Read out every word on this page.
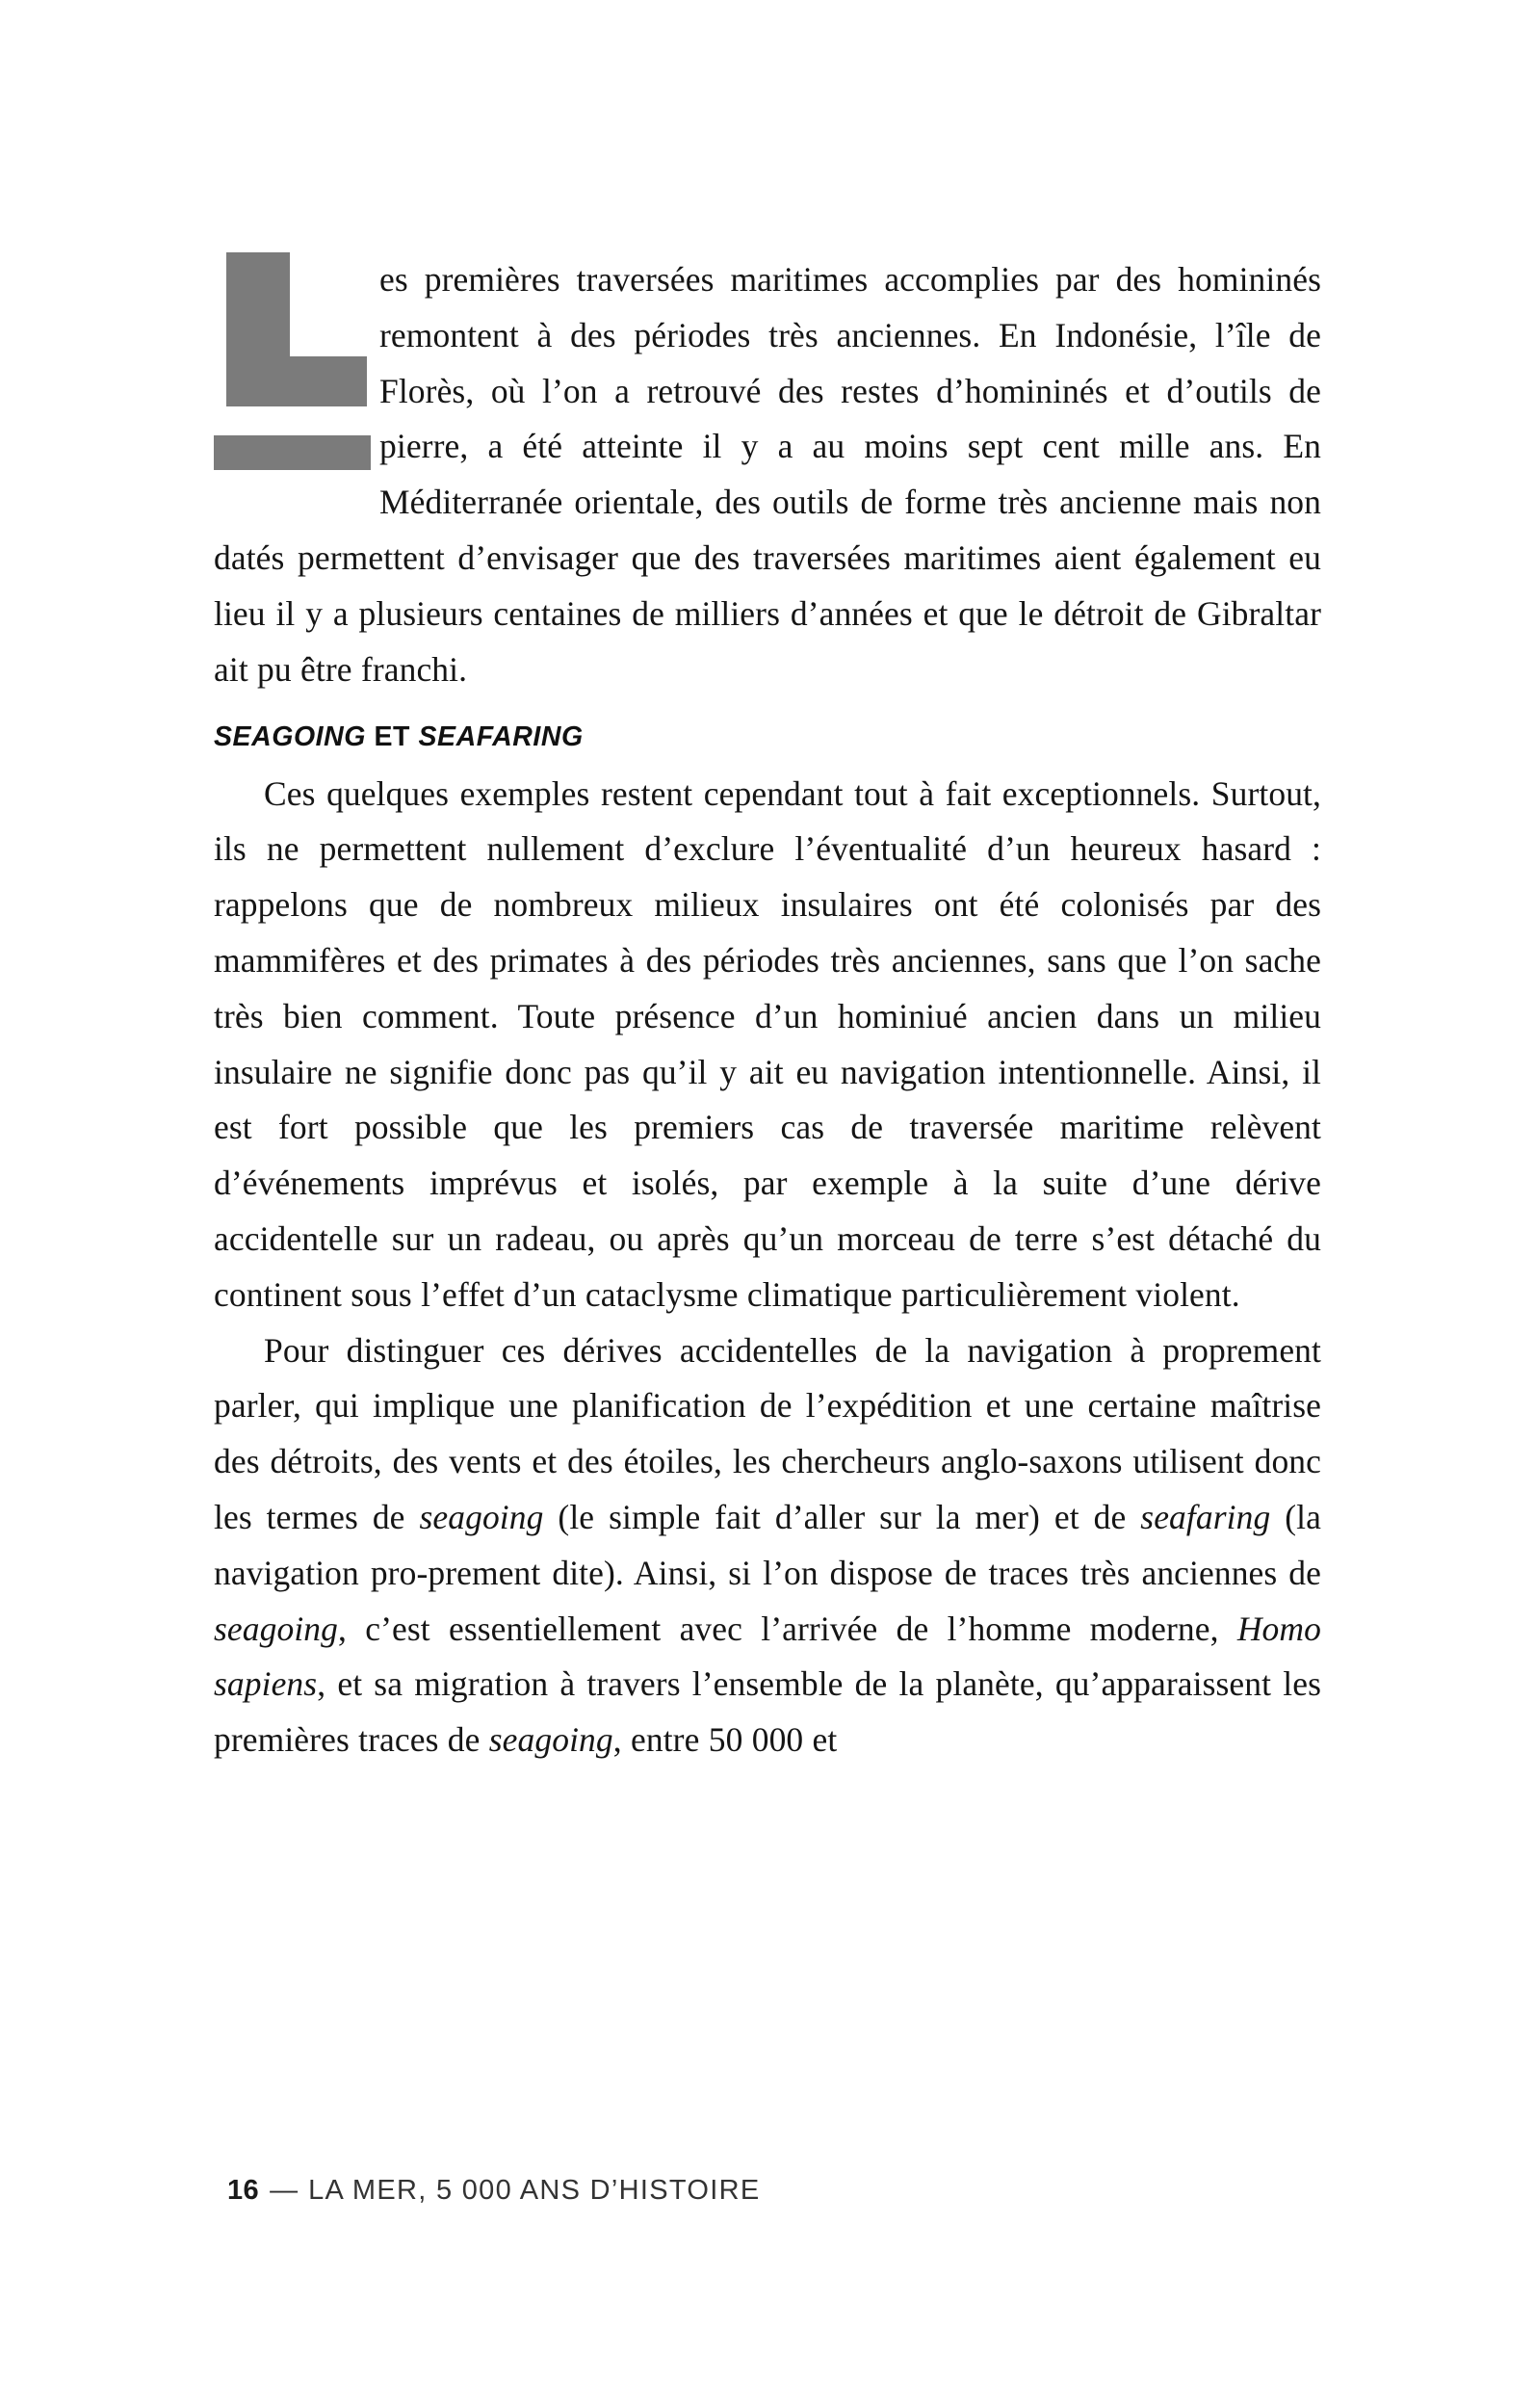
es premières traversées maritimes accomplies par des homininés remontent à des périodes très anciennes. En Indonésie, l’île de Florès, où l’on a retrouvé des restes d’homininés et d’outils de pierre, a été atteinte il y a au moins sept cent mille ans. En Méditerranée orientale, des outils de forme très ancienne mais non datés permettent d’envisager que des traversées maritimes aient également eu lieu il y a plusieurs centaines de milliers d’années et que le détroit de Gibraltar ait pu être franchi.

SEAGOING ET SEAFARING

Ces quelques exemples restent cependant tout à fait exceptionnels. Surtout, ils ne permettent nullement d’exclure l’éventualité d’un heureux hasard : rappelons que de nombreux milieux insulaires ont été colonisés par des mammifères et des primates à des périodes très anciennes, sans que l’on sache très bien comment. Toute présence d’un hominiué ancien dans un milieu insulaire ne signifie donc pas qu’il y ait eu navigation intentionnelle. Ainsi, il est fort possible que les premiers cas de traversée maritime relèvent d’événements imprévus et isolés, par exemple à la suite d’une dérive accidentelle sur un radeau, ou après qu’un morceau de terre s’est détaché du continent sous l’effet d’un cataclysme climatique particulièrement violent.

Pour distinguer ces dérives accidentelles de la navigation à proprement parler, qui implique une planification de l’expédition et une certaine maîtrise des détroits, des vents et des étoiles, les chercheurs anglo-saxons utilisent donc les termes de seagoing (le simple fait d’aller sur la mer) et de seafaring (la navigation pro-prement dite). Ainsi, si l’on dispose de traces très anciennes de seagoing, c’est essentiellement avec l’arrivée de l’homme moderne, Homo sapiens, et sa migration à travers l’ensemble de la planète, qu’apparaissent les premières traces de seagoing, entre 50 000 et

16 — LA MER, 5 000 ANS D’HISTOIRE
